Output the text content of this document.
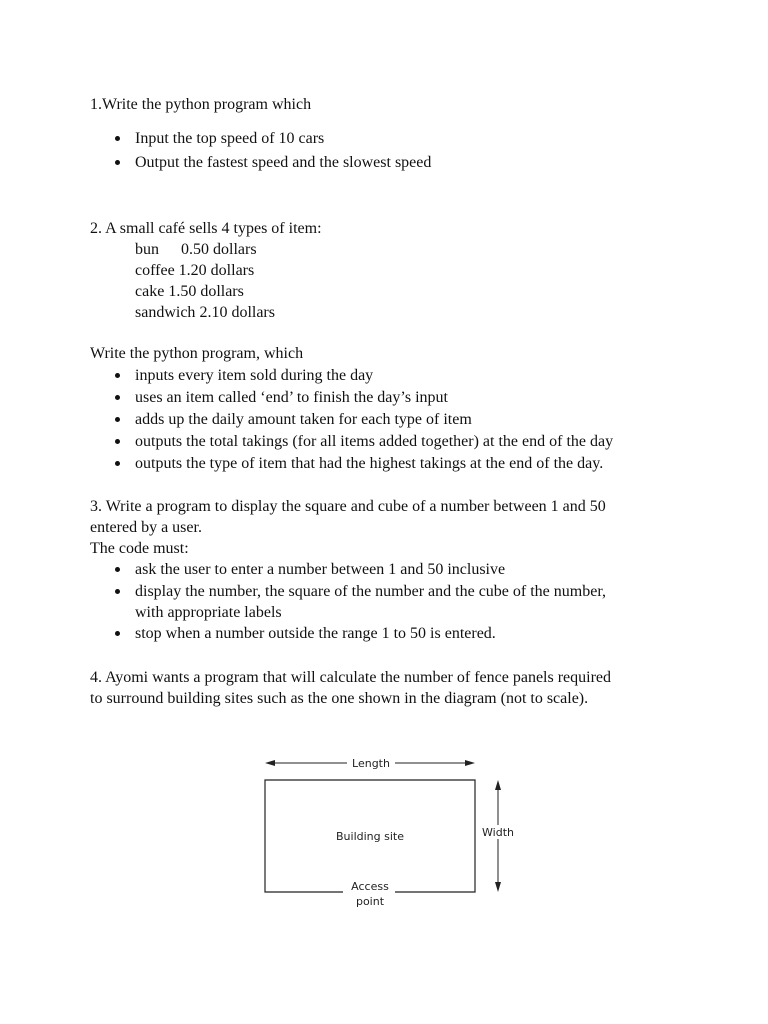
1.Write the python program which

Input the top speed of 10 cars
Output the fastest speed and the slowest speed

2. A small café sells 4 types of item:

bun 0.50 dollars

coffee 1.20 dollars

cake 1.50 dollars

sandwich 2.10 dollars

Write the python program, which

inputs every item sold during the day
uses an item called ‘end’ to finish the day’s input
adds up the daily amount taken for each type of item
outputs the total takings (for all items added together) at the end of the day
outputs the type of item that had the highest takings at the end of the day.

3. Write a program to display the square and cube of a number between 1 and 50

entered by a user.

The code must:

ask the user to enter a number between 1 and 50 inclusive
display the number, the square of the number and the cube of the number,
with appropriate labels
stop when a number outside the range 1 to 50 is entered.

4. Ayomi wants a program that will calculate the number of fence panels required

to surround building sites such as the one shown in the diagram (not to scale).

Length
Building site
Access
point
Width
